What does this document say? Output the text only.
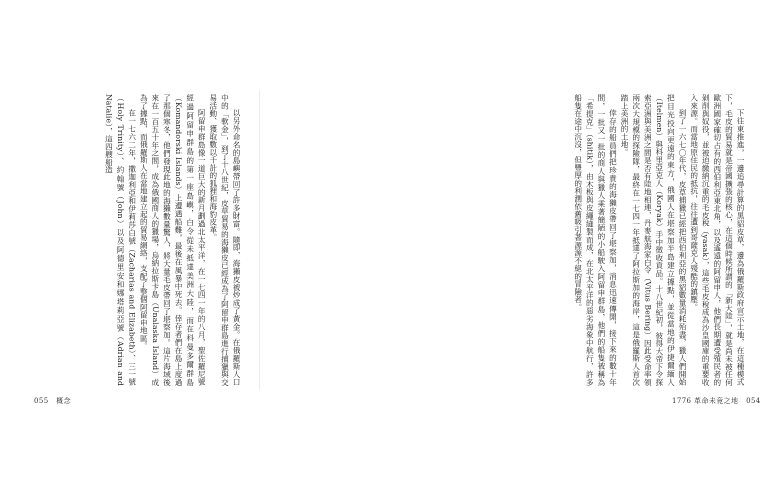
以另外命名的島嶼帶回了許多財富。隨即，海獺皮被炒成了黃金。在俄羅斯人口中的「軟金」，到了十八世紀，皮草貿易的海獺皮已經成為了阿留申群島進行捕獵與交易活動、獲取數以千計的狐狸和海豹皮革。

阿留申群島像一道巨大的新月劃過北太平洋，在一七四一年的八月，聖佐羅尼號經過阿留申群島的第一座島嶼，白令從未抵達美洲大陸，而在科曼多爾群島（Komandorski Islands）上遭遇船難，最後在風暴中死去。倖存者們在島上度過了那個寒冬，他們發現此地的海獺數量驚人，將大量毛皮帶回了堪察加。這片海域後來在一百五十年之間，成為俄國商人的獵場，烏納拉斯卡島（Unalaska Island）成為了據點，而俄羅斯人在當地建立起的貿易網絡，支配了整個阿留申地區。

在一七六二年，撒迦利亞和伊莉莎白號（Zacharias and Elizabeth）、三一號（Holy Trinity）、約翰號（John）以及阿德里安和娜塔莉亞號（Adrian and Natalie），這四艘船造

055 概念

下往東推進，一邊追尋計算的黑貂皮草，邊為俄羅斯政府宣示土地，在這種模式下，毛皮的貿易就是帝國擴張的核心，在這個時候所謂的「新大陸」，就是尚未被任何歐洲國家確切占有的西伯利亞東北角，以及遙遠的阿留申人，他們長期遭受殖民者的剝削與奴役，並被迫繳納沉重的毛皮稅（yasak），這些毛皮稅成為沙皇國庫的重要收入來源。而當地原住民的抵抗，往往遭到哥薩克人殘酷的鎮壓。

到了一六七〇年代，皮草捕獵已經把西伯利亞的黑貂數量消耗殆盡，獵人們開始把目光投向更遠的東方，俄國人在堪察加半島建立據點，並從當地的伊捷爾緬人（Itelmen）與科里亞克人（Koryak）手中徵收貢品。十八世紀初，彼得大帝下令探索亞洲與美洲之間是否有陸地相連，丹麥航海家白令（Vitus Bering）因此受命率領兩次大規模的探險隊，最終在一七四一年抵達了阿拉斯加的海岸，這是俄羅斯人首次踏上美洲的土地。

倖存的船員們把珍貴的海獺皮帶回了堪察加，消息迅速傳開，接下來的數十年間，一批又一批的商人與獵人乘著簡陋的小船駛入阿留申群島，他們的船隻被稱為「希提克」（shitik），由木板與皮繩縫製而成，在北太平洋的惡劣海象中航行，許多船隻在途中沉沒，但豐厚的利潤依舊吸引著源源不絕的冒險者。

1776 革命未竟之地 054
